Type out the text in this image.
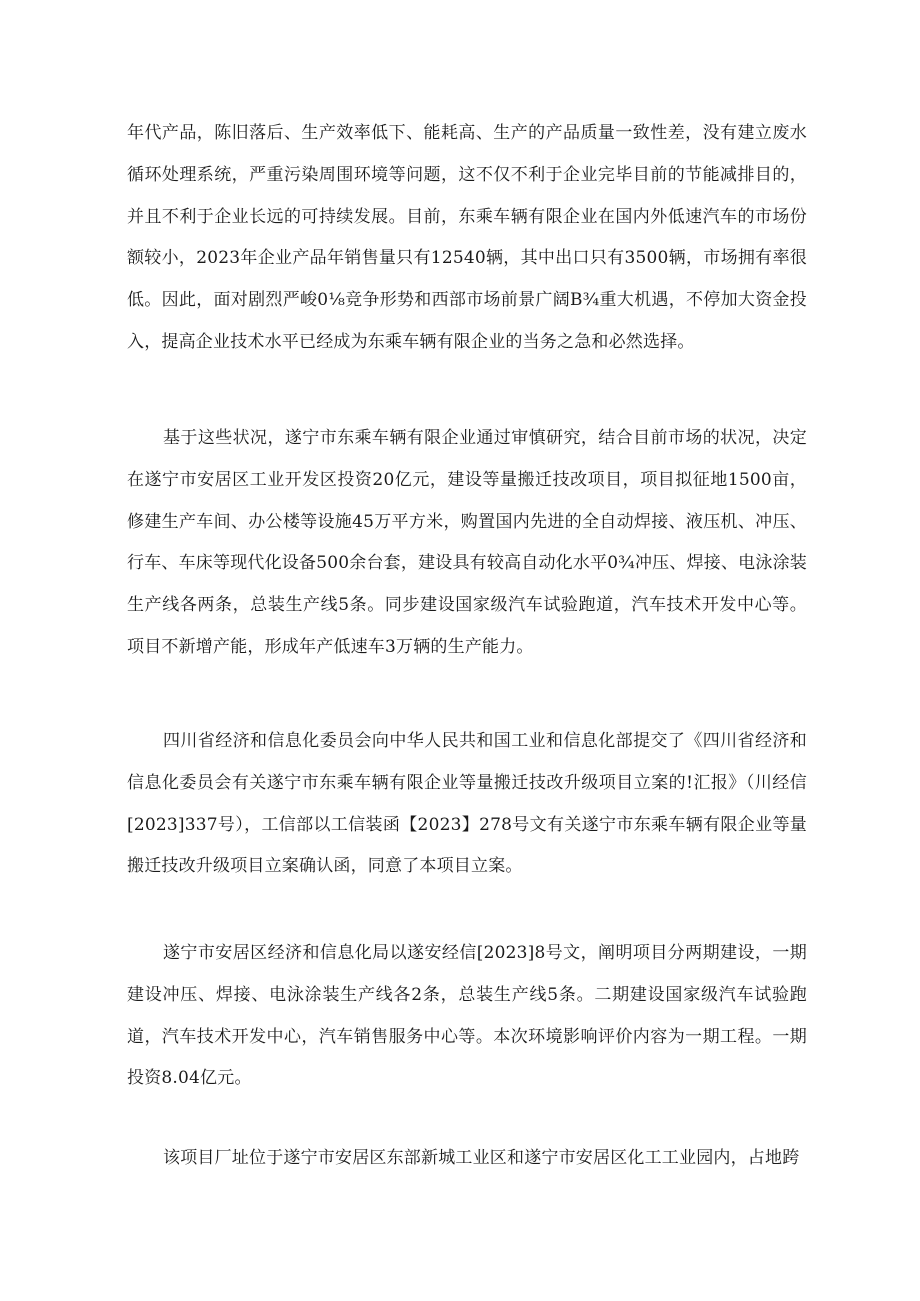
年代产品，陈旧落后、生产效率低下、能耗高、生产的产品质量一致性差，没有建立废水循环处理系统，严重污染周围环境等问题，这不仅不利于企业完毕目前的节能减排目的，并且不利于企业长远的可持续发展。目前，东乘车辆有限企业在国内外低速汽车的市场份额较小，2023年企业产品年销售量只有12540辆，其中出口只有3500辆，市场拥有率很低。因此，面对剧烈严峻0⅛竞争形势和西部市场前景广阔B¾重大机遇，不停加大资金投入，提高企业技术水平已经成为东乘车辆有限企业的当务之急和必然选择。

基于这些状况，遂宁市东乘车辆有限企业通过审慎研究，结合目前市场的状况，决定在遂宁市安居区工业开发区投资20亿元，建设等量搬迁技改项目，项目拟征地1500亩，修建生产车间、办公楼等设施45万平方米，购置国内先进的全自动焊接、液压机、冲压、行车、车床等现代化设备500余台套，建设具有较高自动化水平0¾冲压、焊接、电泳涂装生产线各两条，总装生产线5条。同步建设国家级汽车试验跑道，汽车技术开发中心等。项目不新增产能，形成年产低速车3万辆的生产能力。

四川省经济和信息化委员会向中华人民共和国工业和信息化部提交了《四川省经济和信息化委员会有关遂宁市东乘车辆有限企业等量搬迁技改升级项目立案的!汇报》（川经信[2023]337号），工信部以工信装函【2023】278号文有关遂宁市东乘车辆有限企业等量搬迁技改升级项目立案确认函，同意了本项目立案。

遂宁市安居区经济和信息化局以遂安经信[2023]8号文，阐明项目分两期建设，一期建设冲压、焊接、电泳涂装生产线各2条，总装生产线5条。二期建设国家级汽车试验跑道，汽车技术开发中心，汽车销售服务中心等。本次环境影响评价内容为一期工程。一期投资8.04亿元。

该项目厂址位于遂宁市安居区东部新城工业区和遂宁市安居区化工工业园内，占地跨
